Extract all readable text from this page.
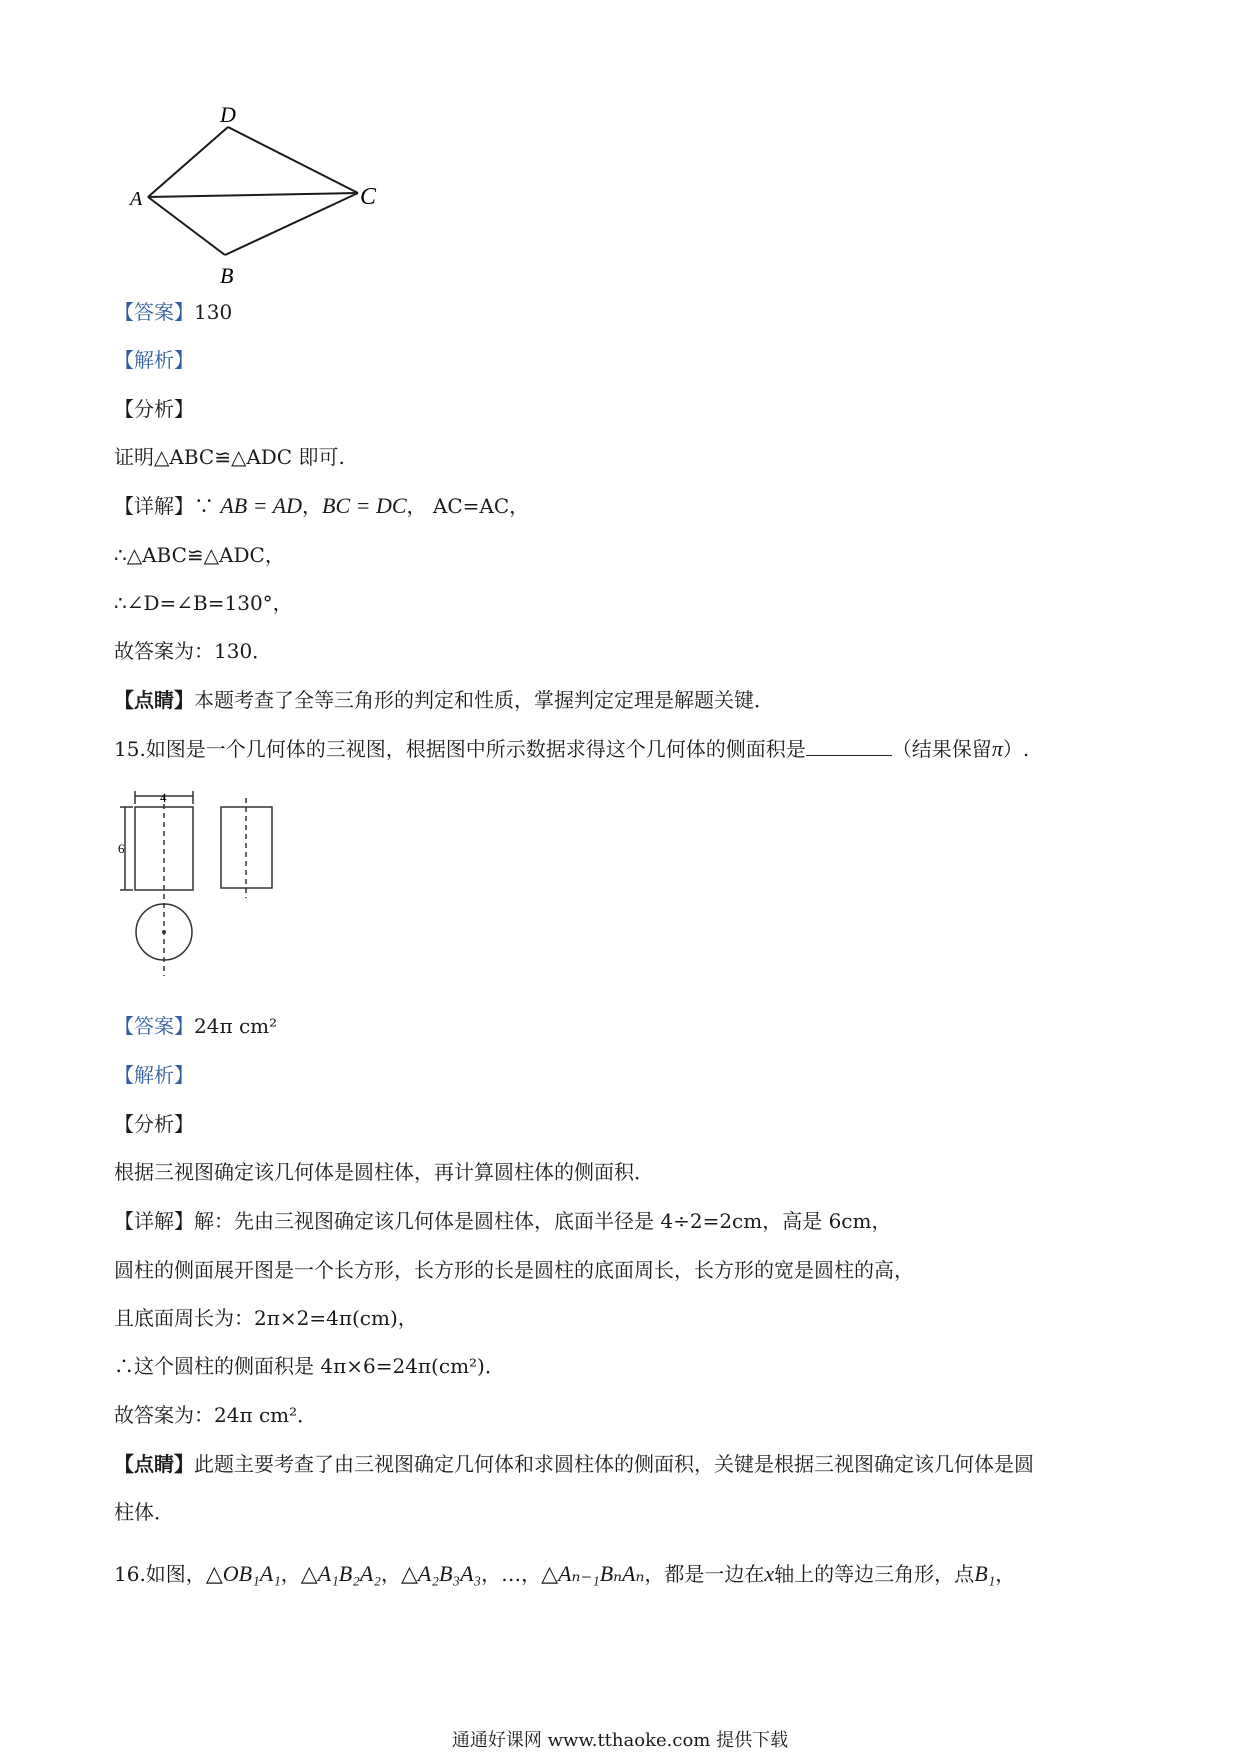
D
A	C
B
【答案】130
【解析】
【分析】
证明△ABC≌△ADC 即可.
【详解】∵ AB = AD，BC = DC， AC=AC，
∴△ABC≌△ADC，
∴∠D=∠B=130°，
故答案为：130．
【点睛】本题考查了全等三角形的判定和性质，掌握判定定理是解题关键．
15.如图是一个几何体的三视图，根据图中所示数据求得这个几何体的侧面积是	（结果保留π）.
4
6
【答案】24π cm²
【解析】
【分析】
根据三视图确定该几何体是圆柱体，再计算圆柱体的侧面积．
【详解】解：先由三视图确定该几何体是圆柱体，底面半径是 4÷2=2cm，高是 6cm，
圆柱的侧面展开图是一个长方形，长方形的长是圆柱的底面周长，长方形的宽是圆柱的高，
且底面周长为：2π×2=4π(cm)，
∴这个圆柱的侧面积是 4π×6=24π(cm²)．
故答案为：24π cm²．
【点睛】此题主要考查了由三视图确定几何体和求圆柱体的侧面积，关键是根据三视图确定该几何体是圆
柱体．
16.如图，△OB₁A₁，△A₁B₂A₂，△A₂B₃A₃，…，△Aₙ₋₁BₙAₙ，都是一边在x轴上的等边三角形，点B₁，
通通好课网 www.tthaoke.com 提供下载
